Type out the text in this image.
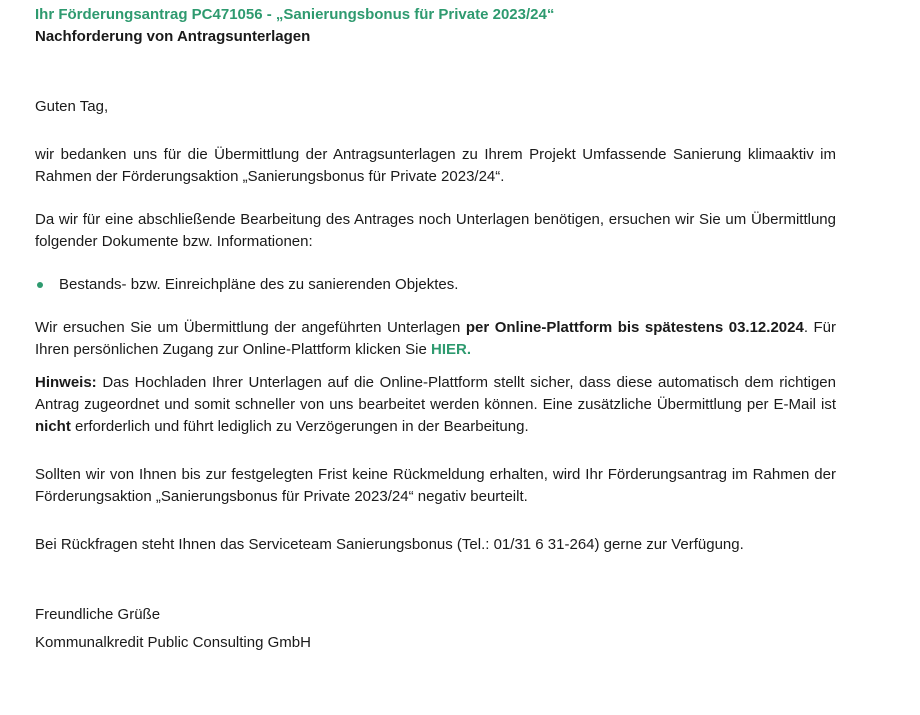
Ihr Förderungsantrag PC471056 - „Sanierungsbonus für Private 2023/24“

Nachforderung von Antragsunterlagen

Guten Tag,

wir bedanken uns für die Übermittlung der Antragsunterlagen zu Ihrem Projekt Umfassende Sanierung klimaaktiv im Rahmen der Förderungsaktion „Sanierungsbonus für Private 2023/24“.

Da wir für eine abschließende Bearbeitung des Antrages noch Unterlagen benötigen, ersuchen wir Sie um Übermittlung folgender Dokumente bzw. Informationen:

Bestands- bzw. Einreichpläne des zu sanierenden Objektes.

Wir ersuchen Sie um Übermittlung der angeführten Unterlagen per Online-Plattform bis spätestens 03.12.2024. Für Ihren persönlichen Zugang zur Online-Plattform klicken Sie HIER.

Hinweis: Das Hochladen Ihrer Unterlagen auf die Online-Plattform stellt sicher, dass diese automatisch dem richtigen Antrag zugeordnet und somit schneller von uns bearbeitet werden können. Eine zusätzliche Übermittlung per E-Mail ist nicht erforderlich und führt lediglich zu Verzögerungen in der Bearbeitung.

Sollten wir von Ihnen bis zur festgelegten Frist keine Rückmeldung erhalten, wird Ihr Förderungsantrag im Rahmen der Förderungsaktion „Sanierungsbonus für Private 2023/24“ negativ beurteilt.

Bei Rückfragen steht Ihnen das Serviceteam Sanierungsbonus (Tel.: 01/31 6 31-264) gerne zur Verfügung.

Freundliche Grüße

Kommunalkredit Public Consulting GmbH
